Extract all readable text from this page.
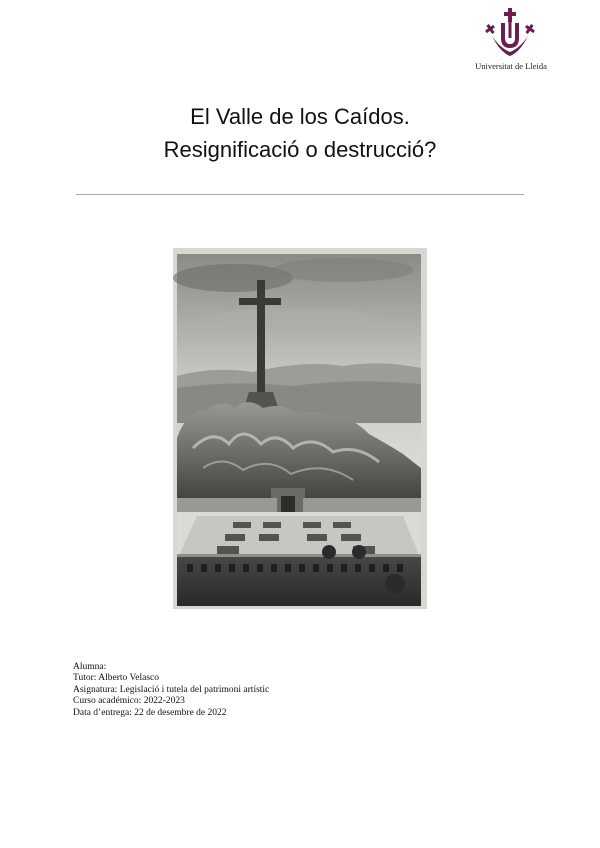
Universitat de Lleida
El Valle de los Caídos.
Resignificació o destrucció?
Alumna:
Tutor: Alberto Velasco
Asignatura: Legislació i tutela del patrimoni artístic
Curso académico: 2022-2023
Data d’entrega: 22 de desembre de 2022
